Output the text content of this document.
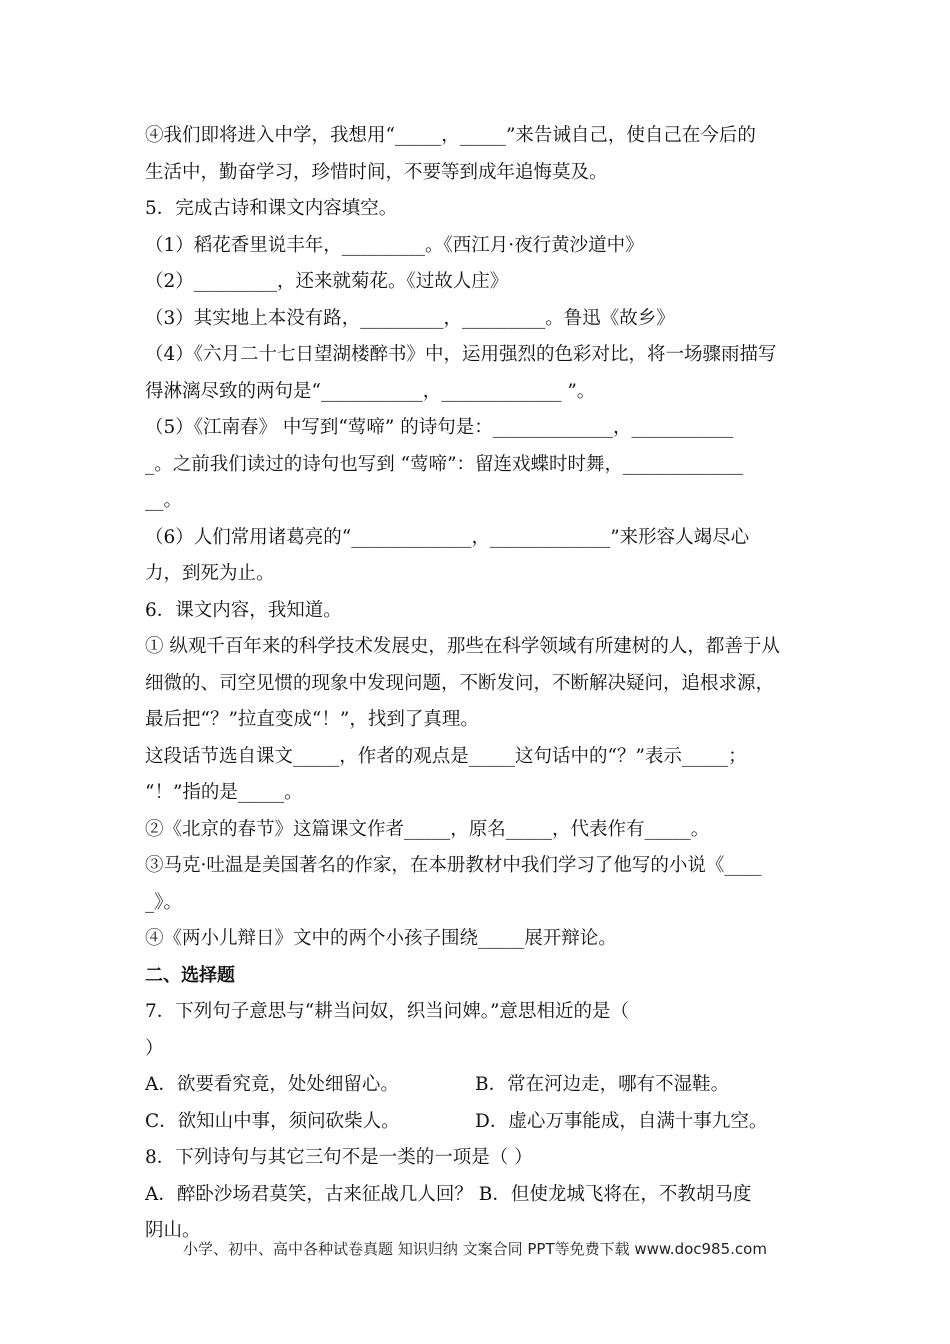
④我们即将进入中学，我想用“_____，_____”来告诫自己，使自己在今后的
生活中，勤奋学习，珍惜时间，不要等到成年追悔莫及。
5．完成古诗和课文内容填空。
（1）稻花香里说丰年，_________。《西江月·夜行黄沙道中》
（2）_________，还来就菊花。《过故人庄》
（3）其实地上本没有路，_________，_________。鲁迅《故乡》
（4）《六月二十七日望湖楼醉书》中，运用强烈的色彩对比，将一场骤雨描写
得淋漓尽致的两句是“___________，_____________ ”。
（5）《江南春》 中写到“莺啼” 的诗句是：_____________，___________
_。之前我们读过的诗句也写到 “莺啼”：留连戏蝶时时舞，_____________
__。
（6）人们常用诸葛亮的“_____________，_____________”来形容人竭尽心
力，到死为止。
6．课文内容，我知道。
① 纵观千百年来的科学技术发展史，那些在科学领域有所建树的人，都善于从
细微的、司空见惯的现象中发现问题，不断发问，不断解决疑问，追根求源，
最后把“？”拉直变成“！”，找到了真理。
这段话节选自课文_____，作者的观点是_____这句话中的“？”表示_____；
“！”指的是_____。
②《北京的春节》这篇课文作者_____，原名_____，代表作有_____。
③马克·吐温是美国著名的作家，在本册教材中我们学习了他写的小说《____
_》。
④《两小儿辩日》文中的两个小孩子围绕_____展开辩论。
二、选择题
7．下列句子意思与“耕当问奴，织当问婢。”意思相近的是（
）
A．欲要看究竟，处处细留心。	B．常在河边走，哪有不湿鞋。
C．欲知山中事，须问砍柴人。	D．虚心万事能成，自满十事九空。
8．下列诗句与其它三句不是一类的一项是（ ）
A．醉卧沙场君莫笑，古来征战几人回？ B．但使龙城飞将在，不教胡马度
阴山。
小学、初中、高中各种试卷真题 知识归纳 文案合同 PPT等免费下载 www.doc985.com
